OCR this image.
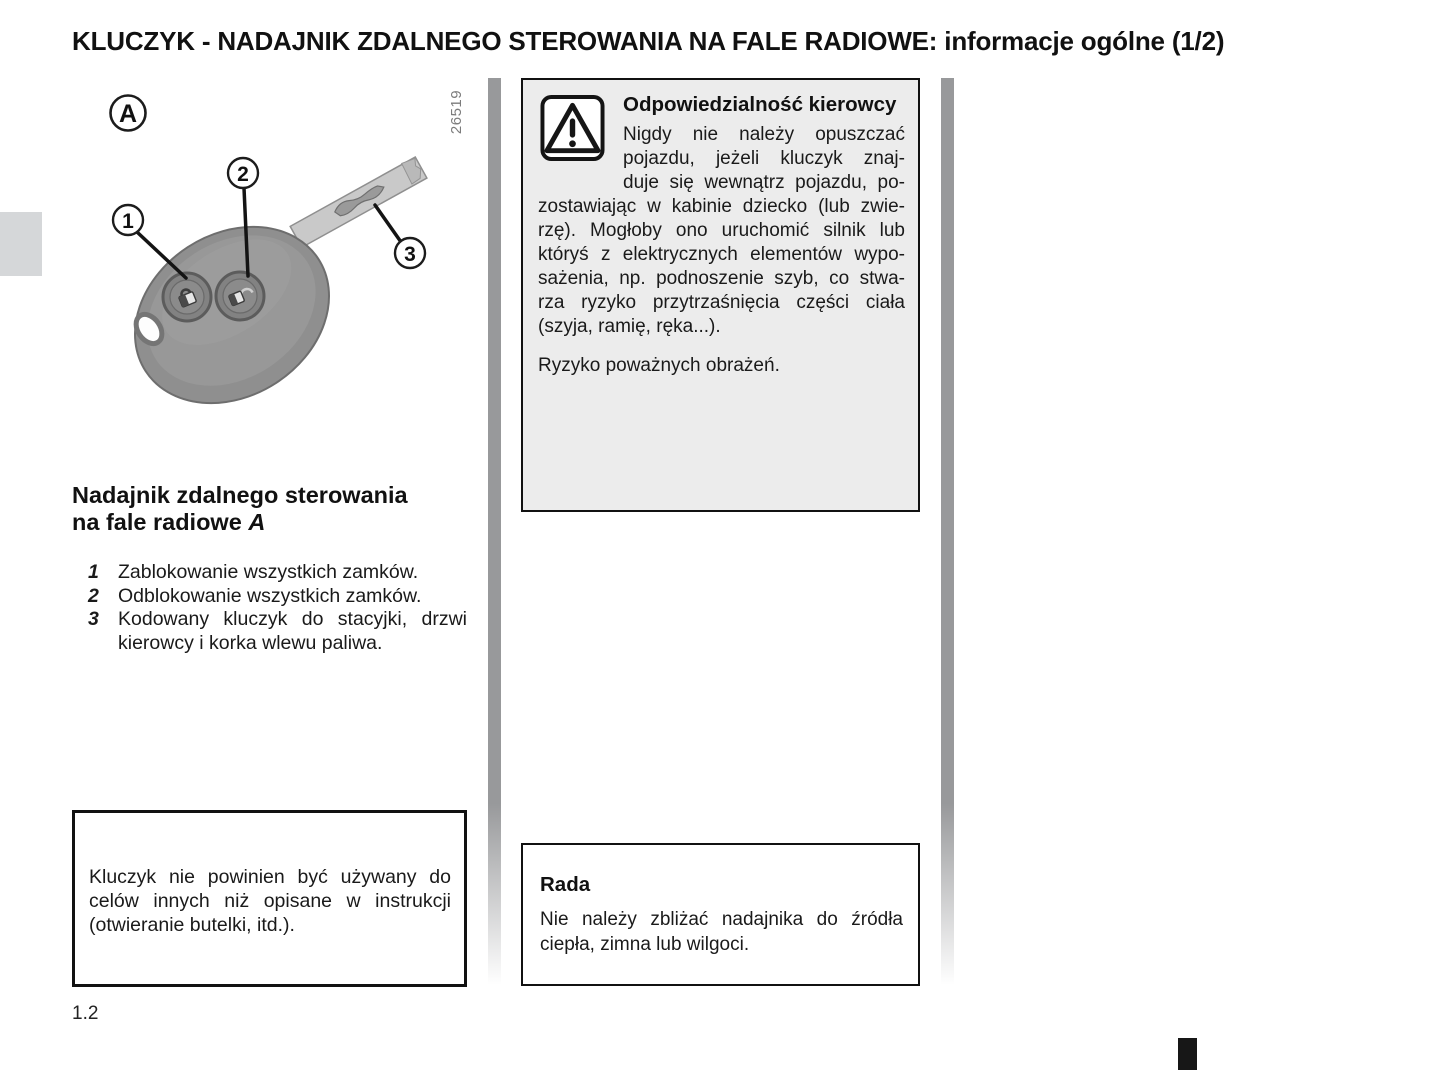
KLUCZYK - NADAJNIK ZDALNEGO STEROWANIA NA FALE RADIOWE: informacje ogólne (1/2)
A
1
2
3
26519
Nadajnik zdalnego sterowania
na fale radiowe A
1 Zablokowanie wszystkich zamków.
2 Odblokowanie wszystkich zamków.
3 Kodowany kluczyk do stacyjki, drzwi
kierowcy i korka wlewu paliwa.
Kluczyk nie powinien być używany do
celów innych niż opisane w instrukcji
(otwieranie butelki, itd.).
Odpowiedzialność kierowcy
Nigdy nie należy opuszczać
pojazdu, jeżeli kluczyk znaj-
duje się wewnątrz pojazdu, po-
zostawiając w kabinie dziecko (lub zwie-
rzę). Mogłoby ono uruchomić silnik lub
któryś z elektrycznych elementów wypo-
sażenia, np. podnoszenie szyb, co stwa-
rza ryzyko przytrzaśnięcia części ciała
(szyja, ramię, ręka...).
Ryzyko poważnych obrażeń.
Rada
Nie należy zbliżać nadajnika do źródła
ciepła, zimna lub wilgoci.
1.2
